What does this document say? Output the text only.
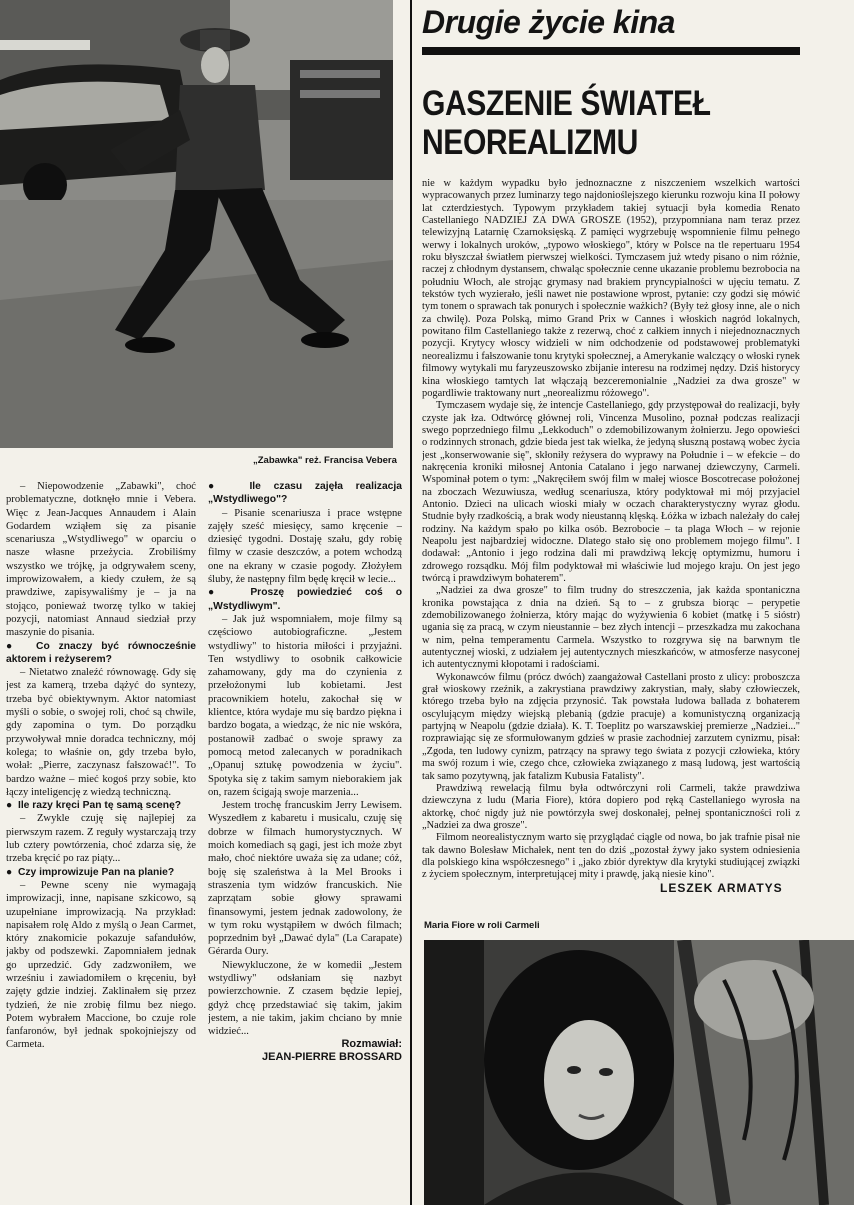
„Zabawka" reż. Francisa Vebera
Drugie życie kina
GASZENIE ŚWIATEŁ
NEOREALIZMU

– Niepowodzenie „Zabawki", choć problematyczne, dotknęło mnie i Vebera. Więc z Jean-Jacques Annaudem i Alain Godardem wziąłem się za pisanie scenariusza „Wstydliwego" w oparciu o nasze własne przeżycia. Zrobiliśmy wszystko we trójkę, ja odgrywałem sceny, improwizowałem, a kiedy czułem, że są prawdziwe, zapisywaliśmy je – ja na stojąco, ponieważ tworzę tylko w takiej pozycji, natomiast Annaud siedział przy maszynie do pisania.

●  Co znaczy być równocześnie aktorem i reżyserem?

– Nietatwo znaleźć równowagę. Gdy się jest za kamerą, trzeba dążyć do syntezy, trzeba być obiektywnym. Aktor natomiast myśli o sobie, o swojej roli, choć są chwile, gdy zapomina o tym. Do porządku przywoływał mnie doradca techniczny, mój kolega; to właśnie on, gdy trzeba było, wołał: „Pierre, zaczynasz fałszować!". To bardzo ważne – mieć kogoś przy sobie, kto łączy inteligencję z wiedzą techniczną.

●  Ile razy kręci Pan tę samą scenę?

– Zwykle czuję się najlepiej za pierwszym razem. Z reguły wystarczają trzy lub cztery powtórzenia, choć zdarza się, że trzeba kręcić po raz piąty...

●  Czy improwizuje Pan na planie?

– Pewne sceny nie wymagają improwizacji, inne, napisane szkicowo, są uzupełniane improwizacją. Na przykład: napisałem rolę Aldo z myślą o Jean Carmet, który znakomicie pokazuje safandułów, jakby od podszewki. Zapomniałem jednak go uprzedzić. Gdy zadzwoniłem, we wrześniu i zawiadomiłem o kręceniu, był zajęty gdzie indziej. Zaklinałem się przez tydzień, że nie zrobię filmu bez niego. Potem wybrałem Maccione, bo czuje role fanfaronów, był jednak spokojniejszy od Carmeta.

●  Ile czasu zajęła realizacja „Wstydliwego"?

– Pisanie scenariusza i prace wstępne zajęły sześć miesięcy, samo kręcenie – dziesięć tygodni. Dostaję szału, gdy robię filmy w czasie deszczów, a potem wchodzą one na ekrany w czasie pogody. Złożyłem śluby, że następny film będę kręcił w lecie...

●  Proszę powiedzieć coś o „Wstydliwym".

– Jak już wspomniałem, moje filmy są częściowo autobiograficzne. „Jestem wstydliwy" to historia miłości i przyjaźni. Ten wstydliwy to osobnik całkowicie zahamowany, gdy ma do czynienia z przełożonymi lub kobietami. Jest pracownikiem hotelu, zakochał się w klientce, która wydaje mu się bardzo piękna i bardzo bogata, a wiedząc, że nic nie wskóra, postanowił zadbać o swoje sprawy za pomocą metod zalecanych w poradnikach „Opanuj sztukę powodzenia w życiu". Spotyka się z takim samym nieborakiem jak on, razem ścigają swoje marzenia...

Jestem trochę francuskim Jerry Lewisem. Wyszedłem z kabaretu i musicalu, czuję się dobrze w filmach humorystycznych. W moich komediach są gagi, jest ich może zbyt mało, choć niektóre uważa się za udane; cóż, boję się szaleństwa à la Mel Brooks i straszenia tym widzów francuskich. Nie zaprzątam sobie głowy sprawami finansowymi, jestem jednak zadowolony, że w tym roku wystąpiłem w dwóch filmach; poprzednim był „Dawać dyla" (La Carapate) Gérarda Oury.

Niewykluczone, że w komedii „Jestem wstydliwy" odsłaniam się nazbyt powierzchownie. Z czasem będzie lepiej, gdyż chcę przedstawiać się takim, jakim jestem, a nie takim, jakim chciano by mnie widzieć...

Rozmawiał:

JEAN-PIERRE BROSSARD

nie w każdym wypadku było jednoznaczne z niszczeniem wszelkich wartości wypracowanych przez luminarzy tego najdonioślejszego kierunku rozwoju kina II połowy lat czterdziestych. Typowym przykładem takiej sytuacji była komedia Renato Castellaniego NADZIEJ ZA DWA GROSZE (1952), przypomniana nam teraz przez telewizyjną Latarnię Czarnoksięską. Z pamięci wygrzebuję wspomnienie filmu pełnego werwy i lokalnych uroków, „typowo włoskiego", który w Polsce na tle repertuaru 1954 roku błyszczał światłem pierwszej wielkości. Tymczasem już wtedy pisano o nim różnie, raczej z chłodnym dystansem, chwaląc społecznie cenne ukazanie problemu bezrobocia na południu Włoch, ale strojąc grymasy nad brakiem pryncypialności w ujęciu tematu. Z tekstów tych wyzierało, jeśli nawet nie postawione wprost, pytanie: czy godzi się mówić tym tonem o sprawach tak ponurych i społecznie ważkich? (Były też głosy inne, ale o nich za chwilę). Poza Polską, mimo Grand Prix w Cannes i włoskich nagród lokalnych, powitano film Castellaniego także z rezerwą, choć z całkiem innych i niejednoznacznych pozycji. Krytycy włoscy widzieli w nim odchodzenie od podstawowej problematyki neorealizmu i fałszowanie tonu krytyki społecznej, a Amerykanie walczący o włoski rynek filmowy wytykali mu faryzeuszowsko zbijanie interesu na rodzimej nędzy. Dziś historycy kina włoskiego tamtych lat włączają bezceremonialnie „Nadziei za dwa grosze" w pogardliwie traktowany nurt „neorealizmu różowego".

Tymczasem wydaje się, że intencje Castellaniego, gdy przystępował do realizacji, były czyste jak łza. Odtwórcę głównej roli, Vincenza Musolino, poznał podczas realizacji swego poprzedniego filmu „Lekkoduch" o zdemobilizowanym żołnierzu. Jego opowieści o rodzinnych stronach, gdzie bieda jest tak wielka, że jedyną słuszną postawą wobec życia jest „konserwowanie się", skłoniły reżysera do wyprawy na Południe i – w efekcie – do nakręcenia kroniki miłosnej Antonia Catalano i jego narwanej dziewczyny, Carmeli. Wspominał potem o tym: „Nakręciłem swój film w małej wiosce Boscotrecase położonej na zboczach Wezuwiusza, według scenariusza, który podyktował mi mój przyjaciel Antonio. Dzieci na ulicach wioski miały w oczach charakterystyczny wyraz głodu. Studnie były rzadkością, a brak wody nieustanną klęską. Łóżka w izbach należały do całej rodziny. Na każdym spało po kilka osób. Bezrobocie – ta plaga Włoch – w rejonie Neapolu jest najbardziej widoczne. Dlatego stało się ono problemem mojego filmu". I dodawał: „Antonio i jego rodzina dali mi prawdziwą lekcję optymizmu, humoru i zdrowego rozsądku. Mój film podyktował mi właściwie lud mojego kraju. On jest jego twórcą i prawdziwym bohaterem".

„Nadziei za dwa grosze" to film trudny do streszczenia, jak każda spontaniczna kronika powstająca z dnia na dzień. Są to – z grubsza biorąc – perypetie zdemobilizowanego żołnierza, który mając do wyżywienia 6 kobiet (matkę i 5 sióstr) ugania się za pracą, w czym nieustannie – bez złych intencji – przeszkadza mu zakochana w nim, pełna temperamentu Carmela. Wszystko to rozgrywa się na barwnym tle autentycznej wioski, z udziałem jej autentycznych mieszkańców, w atmosferze nasyconej ich autentycznymi kłopotami i radościami.

Wykonawców filmu (prócz dwóch) zaangażował Castellani prosto z ulicy: proboszcza grał wioskowy rzeźnik, a zakrystiana prawdziwy zakrystian, mały, słaby człowieczek, którego trzeba było na zdjęcia przynosić. Tak powstała ludowa ballada z bohaterem oscylującym między wiejską plebanią (gdzie pracuje) a komunistyczną organizacją partyjną w Neapolu (gdzie działa). K. T. Toeplitz po warszawskiej premierze „Nadziei..." rozprawiając się ze sformułowanym gdzieś w prasie zachodniej zarzutem cynizmu, pisał: „Zgoda, ten ludowy cynizm, patrzący na sprawy tego świata z pozycji człowieka, który ma swój rozum i wie, czego chce, człowieka związanego z masą ludową, jest wartością tak samo pozytywną, jak fatalizm Kubusia Fatalisty".

Prawdziwą rewelacją filmu była odtwórczyni roli Carmeli, także prawdziwa dziewczyna z ludu (Maria Fiore), która dopiero pod ręką Castellaniego wyrosła na aktorkę, choć nigdy już nie powtórzyła swej doskonałej, pełnej spontaniczności roli z „Nadziei za dwa grosze".

Filmom neorealistycznym warto się przyglądać ciągle od nowa, bo jak trafnie pisał nie tak dawno Bolesław Michałek, nent ten do dziś „pozostał żywy jako system odniesienia dla polskiego kina współczesnego" i „jako zbiór dyrektyw dla krytyki studiującej związki z życiem społecznym, interpretującej mity i prawdę, jaką niesie kino".

LESZEK ARMATYS
Maria Fiore w roli Carmeli
